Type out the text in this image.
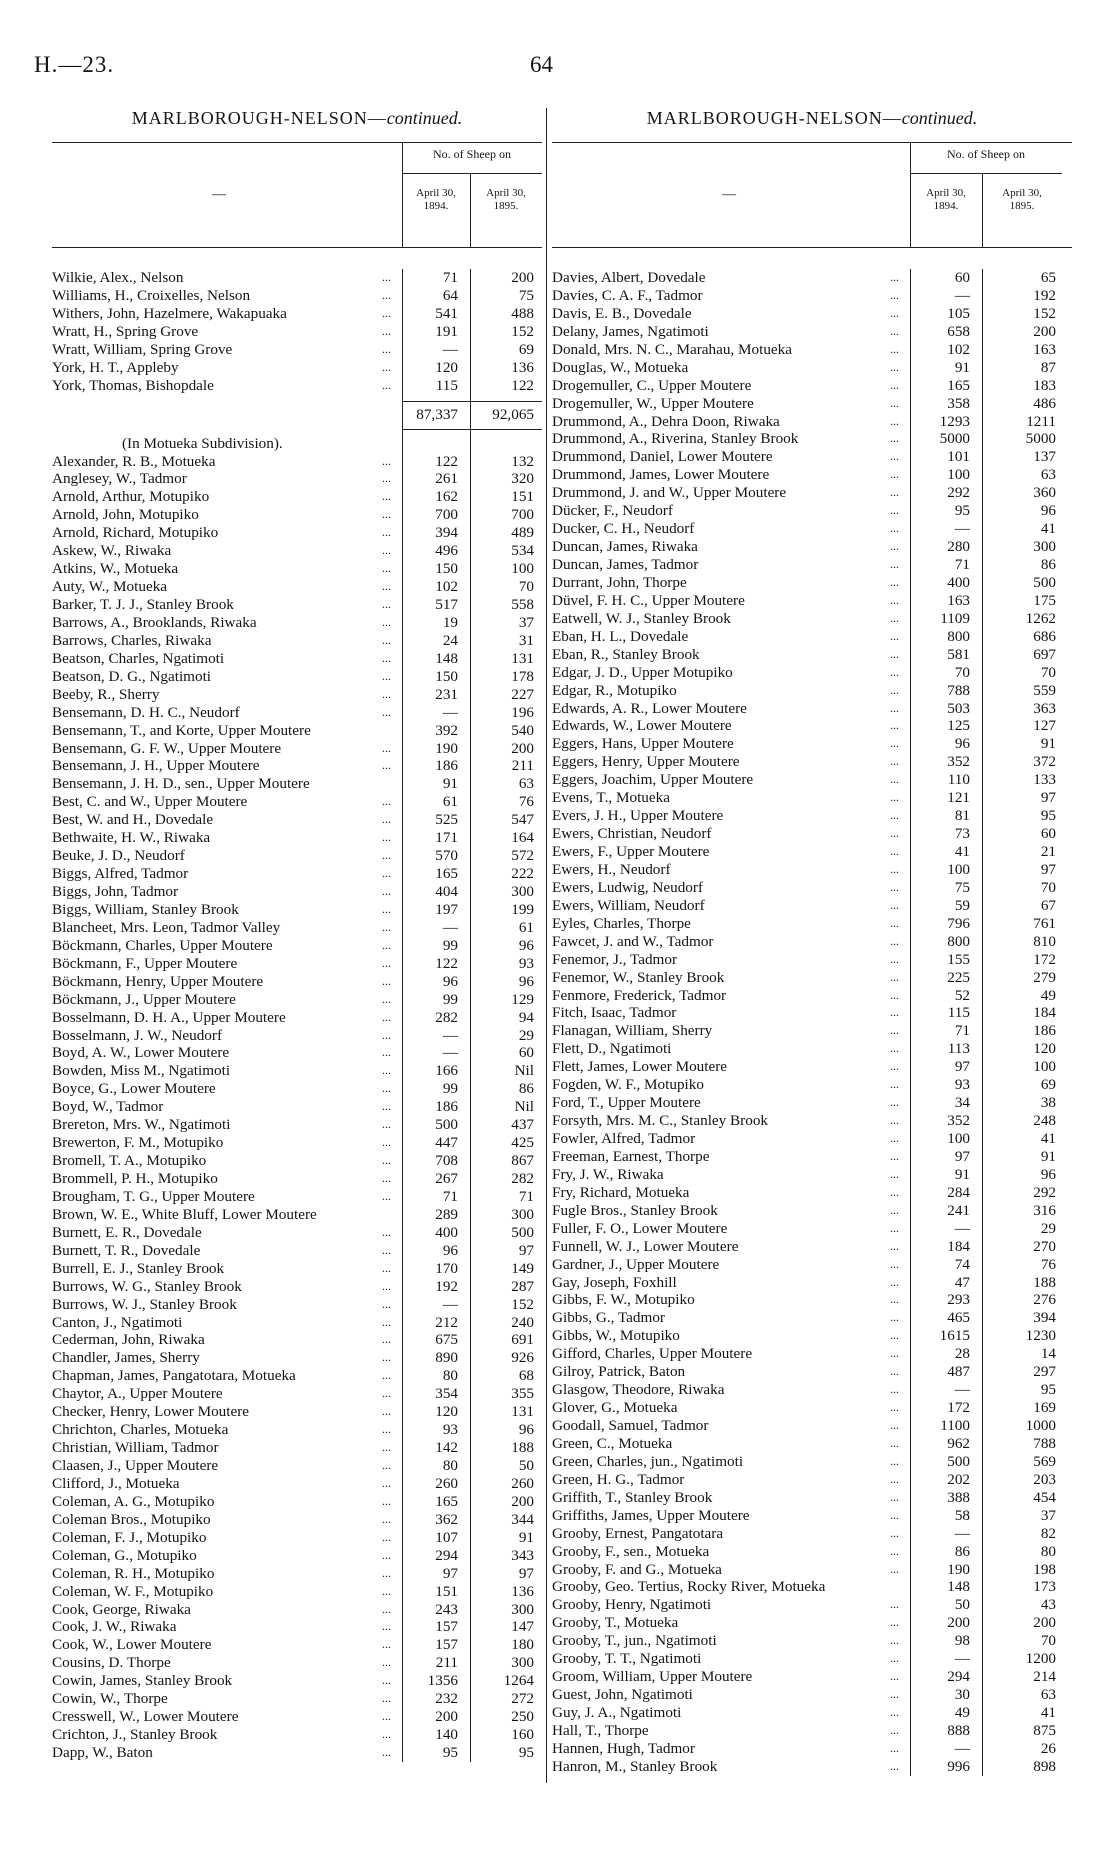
H.—23.	64
MARLBOROUGH-NELSON—continued.
—
No. of Sheep on
April 30,
1894.
April 30,
1895.
Wilkie, Alex., Nelson	...	71	200
Williams, H., Croixelles, Nelson	...	64	75
Withers, John, Hazelmere, Wakapuaka	...	541	488
Wratt, H., Spring Grove	...	191	152
Wratt, William, Spring Grove	...	—	69
York, H. T., Appleby	...	120	136
York, Thomas, Bishopdale	...	115	122
87,337	92,065
(In Motueka Subdivision).
Alexander, R. B., Motueka	...	122	132
Anglesey, W., Tadmor	...	261	320
Arnold, Arthur, Motupiko	...	162	151
Arnold, John, Motupiko	...	700	700
Arnold, Richard, Motupiko	...	394	489
Askew, W., Riwaka	...	496	534
Atkins, W., Motueka	...	150	100
Auty, W., Motueka	...	102	70
Barker, T. J. J., Stanley Brook	...	517	558
Barrows, A., Brooklands, Riwaka	...	19	37
Barrows, Charles, Riwaka	...	24	31
Beatson, Charles, Ngatimoti	...	148	131
Beatson, D. G., Ngatimoti	...	150	178
Beeby, R., Sherry	...	231	227
Bensemann, D. H. C., Neudorf	...	—	196
Bensemann, T., and Korte, Upper Moutere	392	540
Bensemann, G. F. W., Upper Moutere	...	190	200
Bensemann, J. H., Upper Moutere	...	186	211
Bensemann, J. H. D., sen., Upper Moutere	91	63
Best, C. and W., Upper Moutere	...	61	76
Best, W. and H., Dovedale	...	525	547
Bethwaite, H. W., Riwaka	...	171	164
Beuke, J. D., Neudorf	...	570	572
Biggs, Alfred, Tadmor	...	165	222
Biggs, John, Tadmor	...	404	300
Biggs, William, Stanley Brook	...	197	199
Blancheet, Mrs. Leon, Tadmor Valley	...	—	61
Böckmann, Charles, Upper Moutere	...	99	96
Böckmann, F., Upper Moutere	...	122	93
Böckmann, Henry, Upper Moutere	...	96	96
Böckmann, J., Upper Moutere	...	99	129
Bosselmann, D. H. A., Upper Moutere	...	282	94
Bosselmann, J. W., Neudorf	...	—	29
Boyd, A. W., Lower Moutere	...	—	60
Bowden, Miss M., Ngatimoti	...	166	Nil
Boyce, G., Lower Moutere	...	99	86
Boyd, W., Tadmor	...	186	Nil
Brereton, Mrs. W., Ngatimoti	...	500	437
Brewerton, F. M., Motupiko	...	447	425
Bromell, T. A., Motupiko	...	708	867
Brommell, P. H., Motupiko	...	267	282
Brougham, T. G., Upper Moutere	...	71	71
Brown, W. E., White Bluff, Lower Moutere	289	300
Burnett, E. R., Dovedale	...	400	500
Burnett, T. R., Dovedale	...	96	97
Burrell, E. J., Stanley Brook	...	170	149
Burrows, W. G., Stanley Brook	...	192	287
Burrows, W. J., Stanley Brook	...	—	152
Canton, J., Ngatimoti	...	212	240
Cederman, John, Riwaka	...	675	691
Chandler, James, Sherry	...	890	926
Chapman, James, Pangatotara, Motueka	...	80	68
Chaytor, A., Upper Moutere	...	354	355
Checker, Henry, Lower Moutere	...	120	131
Chrichton, Charles, Motueka	...	93	96
Christian, William, Tadmor	...	142	188
Claasen, J., Upper Moutere	...	80	50
Clifford, J., Motueka	...	260	260
Coleman, A. G., Motupiko	...	165	200
Coleman Bros., Motupiko	...	362	344
Coleman, F. J., Motupiko	...	107	91
Coleman, G., Motupiko	...	294	343
Coleman, R. H., Motupiko	...	97	97
Coleman, W. F., Motupiko	...	151	136
Cook, George, Riwaka	...	243	300
Cook, J. W., Riwaka	...	157	147
Cook, W., Lower Moutere	...	157	180
Cousins, D. Thorpe	...	211	300
Cowin, James, Stanley Brook	...	1356	1264
Cowin, W., Thorpe	...	232	272
Cresswell, W., Lower Moutere	...	200	250
Crichton, J., Stanley Brook	...	140	160
Dapp, W., Baton	...	95	95
MARLBOROUGH-NELSON—continued.
—
No. of Sheep on
April 30,
1894.
April 30,
1895.
Davies, Albert, Dovedale	...	60	65
Davies, C. A. F., Tadmor	...	—	192
Davis, E. B., Dovedale	...	105	152
Delany, James, Ngatimoti	...	658	200
Donald, Mrs. N. C., Marahau, Motueka	...	102	163
Douglas, W., Motueka	...	91	87
Drogemuller, C., Upper Moutere	...	165	183
Drogemuller, W., Upper Moutere	...	358	486
Drummond, A., Dehra Doon, Riwaka	...	1293	1211
Drummond, A., Riverina, Stanley Brook	...	5000	5000
Drummond, Daniel, Lower Moutere	...	101	137
Drummond, James, Lower Moutere	...	100	63
Drummond, J. and W., Upper Moutere	...	292	360
Dücker, F., Neudorf	...	95	96
Ducker, C. H., Neudorf	...	—	41
Duncan, James, Riwaka	...	280	300
Duncan, James, Tadmor	...	71	86
Durrant, John, Thorpe	...	400	500
Düvel, F. H. C., Upper Moutere	...	163	175
Eatwell, W. J., Stanley Brook	...	1109	1262
Eban, H. L., Dovedale	...	800	686
Eban, R., Stanley Brook	...	581	697
Edgar, J. D., Upper Motupiko	...	70	70
Edgar, R., Motupiko	...	788	559
Edwards, A. R., Lower Moutere	...	503	363
Edwards, W., Lower Moutere	...	125	127
Eggers, Hans, Upper Moutere	...	96	91
Eggers, Henry, Upper Moutere	...	352	372
Eggers, Joachim, Upper Moutere	...	110	133
Evens, T., Motueka	...	121	97
Evers, J. H., Upper Moutere	...	81	95
Ewers, Christian, Neudorf	...	73	60
Ewers, F., Upper Moutere	...	41	21
Ewers, H., Neudorf	...	100	97
Ewers, Ludwig, Neudorf	...	75	70
Ewers, William, Neudorf	...	59	67
Eyles, Charles, Thorpe	...	796	761
Fawcet, J. and W., Tadmor	...	800	810
Fenemor, J., Tadmor	...	155	172
Fenemor, W., Stanley Brook	...	225	279
Fenmore, Frederick, Tadmor	...	52	49
Fitch, Isaac, Tadmor	...	115	184
Flanagan, William, Sherry	...	71	186
Flett, D., Ngatimoti	...	113	120
Flett, James, Lower Moutere	...	97	100
Fogden, W. F., Motupiko	...	93	69
Ford, T., Upper Moutere	...	34	38
Forsyth, Mrs. M. C., Stanley Brook	...	352	248
Fowler, Alfred, Tadmor	...	100	41
Freeman, Earnest, Thorpe	...	97	91
Fry, J. W., Riwaka	...	91	96
Fry, Richard, Motueka	...	284	292
Fugle Bros., Stanley Brook	...	241	316
Fuller, F. O., Lower Moutere	...	—	29
Funnell, W. J., Lower Moutere	...	184	270
Gardner, J., Upper Moutere	...	74	76
Gay, Joseph, Foxhill	...	47	188
Gibbs, F. W., Motupiko	...	293	276
Gibbs, G., Tadmor	...	465	394
Gibbs, W., Motupiko	...	1615	1230
Gifford, Charles, Upper Moutere	...	28	14
Gilroy, Patrick, Baton	...	487	297
Glasgow, Theodore, Riwaka	...	—	95
Glover, G., Motueka	...	172	169
Goodall, Samuel, Tadmor	...	1100	1000
Green, C., Motueka	...	962	788
Green, Charles, jun., Ngatimoti	...	500	569
Green, H. G., Tadmor	...	202	203
Griffith, T., Stanley Brook	...	388	454
Griffiths, James, Upper Moutere	...	58	37
Grooby, Ernest, Pangatotara	...	—	82
Grooby, F., sen., Motueka	...	86	80
Grooby, F. and G., Motueka	...	190	198
Grooby, Geo. Tertius, Rocky River, Motueka	148	173
Grooby, Henry, Ngatimoti	...	50	43
Grooby, T., Motueka	...	200	200
Grooby, T., jun., Ngatimoti	...	98	70
Grooby, T. T., Ngatimoti	...	—	1200
Groom, William, Upper Moutere	...	294	214
Guest, John, Ngatimoti	...	30	63
Guy, J. A., Ngatimoti	...	49	41
Hall, T., Thorpe	...	888	875
Hannen, Hugh, Tadmor	...	—	26
Hanron, M., Stanley Brook	...	996	898
